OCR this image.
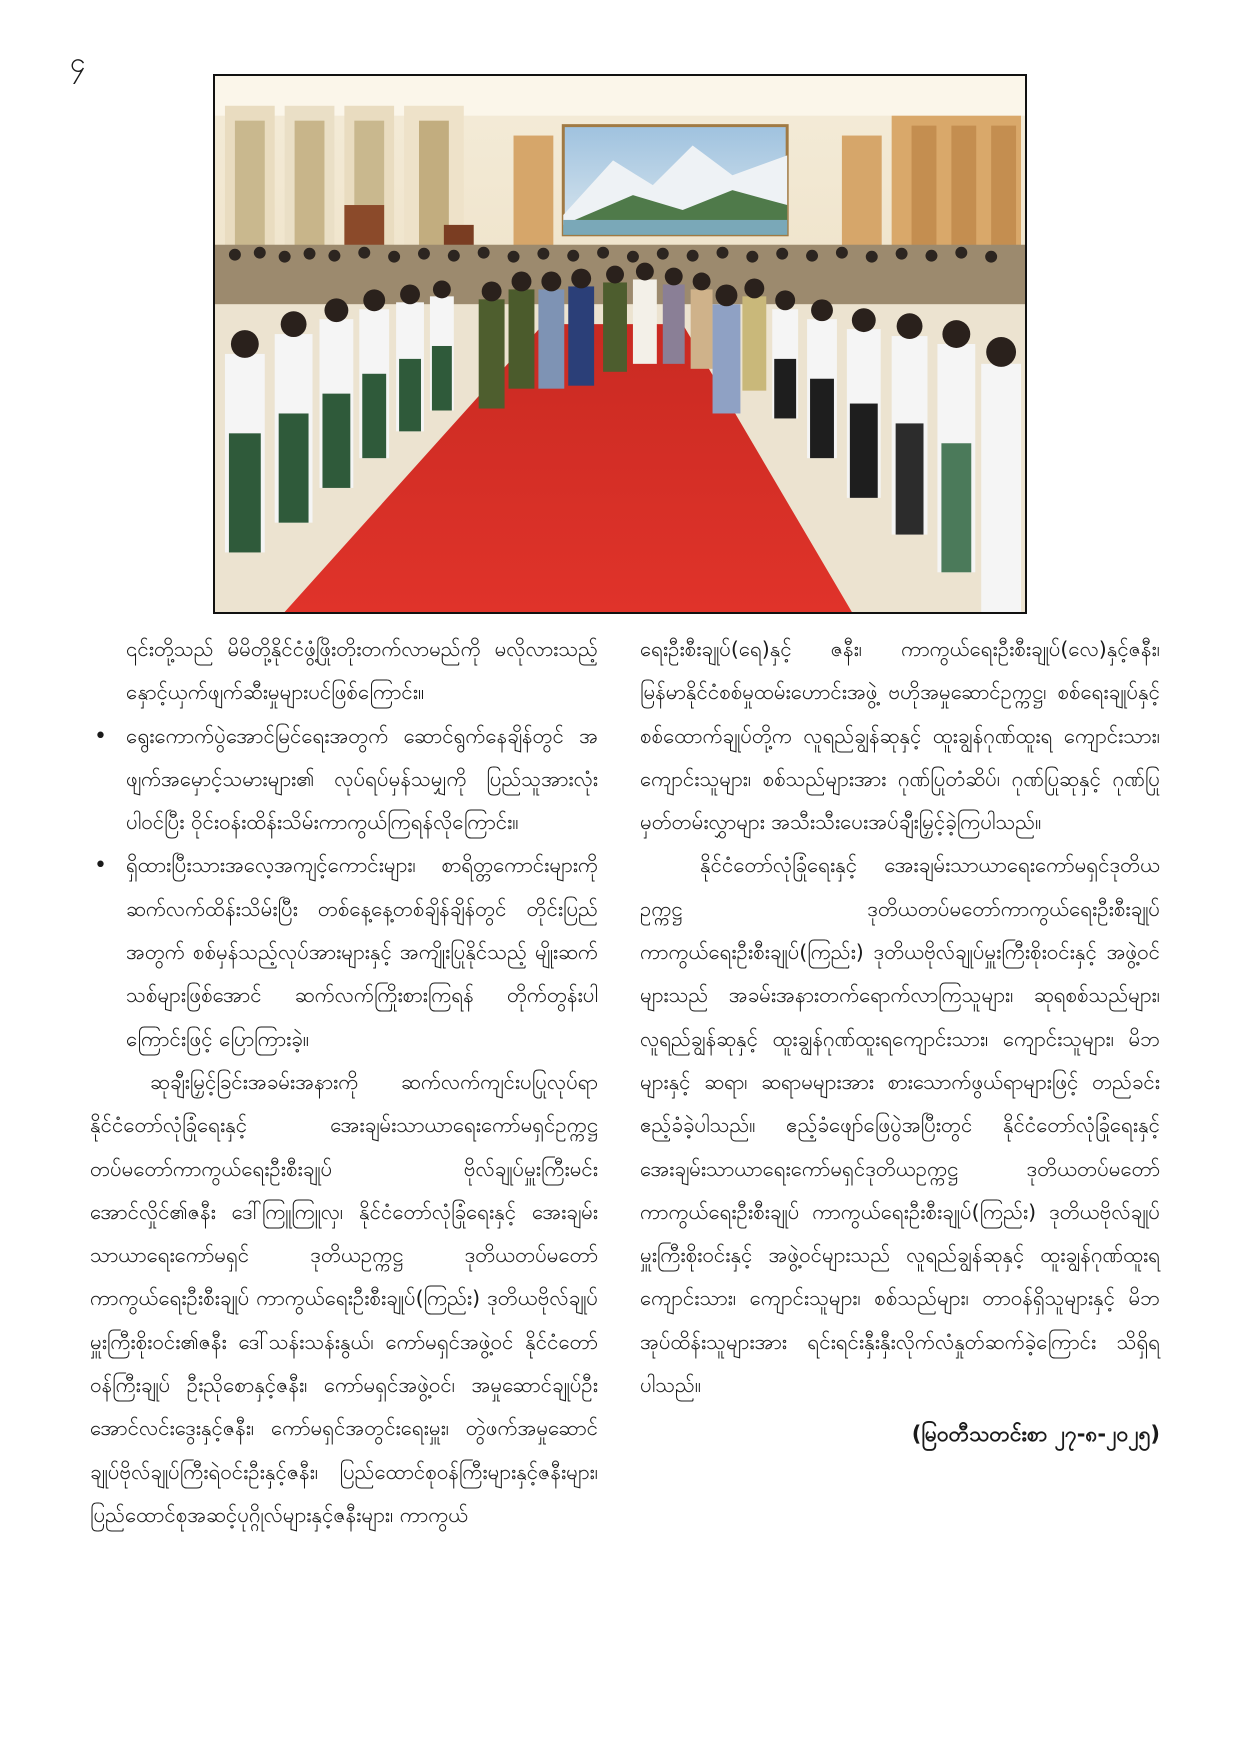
၄

၎င်းတို့သည် မိမိတို့နိုင်ငံဖွံ့ဖြိုးတိုးတက်လာမည်ကို မလိုလားသည့်နှောင့်ယှက်ဖျက်ဆီးမှုများပင်ဖြစ်ကြောင်း။

• ရွေးကောက်ပွဲအောင်မြင်ရေးအတွက် ဆောင်ရွက်နေချိန်တွင် အဖျက်အမှောင့်သမားများ၏ လုပ်ရပ်မှန်သမျှကို ပြည်သူအားလုံးပါဝင်ပြီး ဝိုင်းဝန်းထိန်းသိမ်းကာကွယ်ကြရန်လိုကြောင်း။
• ရှိထားပြီးသားအလေ့အကျင့်ကောင်းများ၊ စာရိတ္တကောင်းများကို ဆက်လက်ထိန်းသိမ်းပြီး တစ်နေ့နေ့တစ်ချိန်ချိန်တွင် တိုင်းပြည်အတွက် စစ်မှန်သည့်လုပ်အားများနှင့် အကျိုးပြုနိုင်သည့် မျိုးဆက်သစ်များဖြစ်အောင် ဆက်လက်ကြိုးစားကြရန် တိုက်တွန်းပါကြောင်းဖြင့် ပြောကြားခဲ့။

ဆုချီးမြှင့်ခြင်းအခမ်းအနားကို ဆက်လက်ကျင်းပပြုလုပ်ရာ နိုင်ငံတော်လုံခြုံရေးနှင့် အေးချမ်းသာယာရေးကော်မရှင်ဥက္ကဋ္ဌ တပ်မတော်ကာကွယ်ရေးဦးစီးချုပ် ဗိုလ်ချုပ်မှူးကြီးမင်းအောင်လှိုင်၏ဇနီး ဒေါ်ကြူကြူလှ၊ နိုင်ငံတော်လုံခြုံရေးနှင့် အေးချမ်းသာယာရေးကော်မရှင် ဒုတိယဥက္ကဋ္ဌ ဒုတိယတပ်မတော်ကာကွယ်ရေးဦးစီးချုပ် ကာကွယ်ရေးဦးစီးချုပ်(ကြည်း) ဒုတိယဗိုလ်ချုပ်မှူးကြီးစိုးဝင်း၏ဇနီး ဒေါ်သန်းသန်းနွယ်၊ ကော်မရှင်အဖွဲ့ဝင် နိုင်ငံတော်ဝန်ကြီးချုပ် ဦးညိုစောနှင့်ဇနီး၊ ကော်မရှင်အဖွဲ့ဝင်၊ အမှုဆောင်ချုပ်ဦးအောင်လင်းဒွေးနှင့်ဇနီး၊ ကော်မရှင်အတွင်းရေးမှူး၊ တွဲဖက်အမှုဆောင်ချုပ်ဗိုလ်ချုပ်ကြီးရဲဝင်းဦးနှင့်ဇနီး၊ ပြည်ထောင်စုဝန်ကြီးများနှင့်ဇနီးများ၊ ပြည်ထောင်စုအဆင့်ပုဂ္ဂိုလ်များနှင့်ဇနီးများ၊ ကာကွယ်

ရေးဦးစီးချုပ်(ရေ)နှင့် ဇနီး၊ ကာကွယ်ရေးဦးစီးချုပ်(လေ)နှင့်ဇနီး၊ မြန်မာနိုင်ငံစစ်မှုထမ်းဟောင်းအဖွဲ့ ဗဟိုအမှုဆောင်ဥက္ကဋ္ဌ၊ စစ်ရေးချုပ်နှင့် စစ်ထောက်ချုပ်တို့က လူရည်ချွန်ဆုနှင့် ထူးချွန်ဂုဏ်ထူးရ ကျောင်းသား၊ ကျောင်းသူများ၊ စစ်သည်များအား ဂုဏ်ပြုတံဆိပ်၊ ဂုဏ်ပြုဆုနှင့် ဂုဏ်ပြုမှတ်တမ်းလွှာများ အသီးသီးပေးအပ်ချီးမြှင့်ခဲ့ကြပါသည်။

နိုင်ငံတော်လုံခြုံရေးနှင့် အေးချမ်းသာယာရေးကော်မရှင်ဒုတိယဥက္ကဋ္ဌ ဒုတိယတပ်မတော်ကာကွယ်ရေးဦးစီးချုပ် ကာကွယ်ရေးဦးစီးချုပ်(ကြည်း) ဒုတိယဗိုလ်ချုပ်မှူးကြီးစိုးဝင်းနှင့် အဖွဲ့ဝင်များသည် အခမ်းအနားတက်ရောက်လာကြသူများ၊ ဆုရစစ်သည်များ၊ လူရည်ချွန်ဆုနှင့် ထူးချွန်ဂုဏ်ထူးရကျောင်းသား၊ ကျောင်းသူများ၊ မိဘများနှင့် ဆရာ၊ ဆရာမများအား စားသောက်ဖွယ်ရာများဖြင့် တည်ခင်းဧည့်ခံခဲ့ပါသည်။ ဧည့်ခံဖျော်ဖြေပွဲအပြီးတွင် နိုင်ငံတော်လုံခြုံရေးနှင့် အေးချမ်းသာယာရေးကော်မရှင်ဒုတိယဥက္ကဋ္ဌ ဒုတိယတပ်မတော်ကာကွယ်ရေးဦးစီးချုပ် ကာကွယ်ရေးဦးစီးချုပ်(ကြည်း) ဒုတိယဗိုလ်ချုပ်မှူးကြီးစိုးဝင်းနှင့် အဖွဲ့ဝင်များသည် လူရည်ချွန်ဆုနှင့် ထူးချွန်ဂုဏ်ထူးရ ကျောင်းသား၊ ကျောင်းသူများ၊ စစ်သည်များ၊ တာဝန်ရှိသူများနှင့် မိဘအုပ်ထိန်းသူများအား ရင်းရင်းနှီးနှီးလိုက်လံနှုတ်ဆက်ခဲ့ကြောင်း သိရှိရပါသည်။

(မြဝတီသတင်းစာ ၂၇-၈-၂၀၂၅)
